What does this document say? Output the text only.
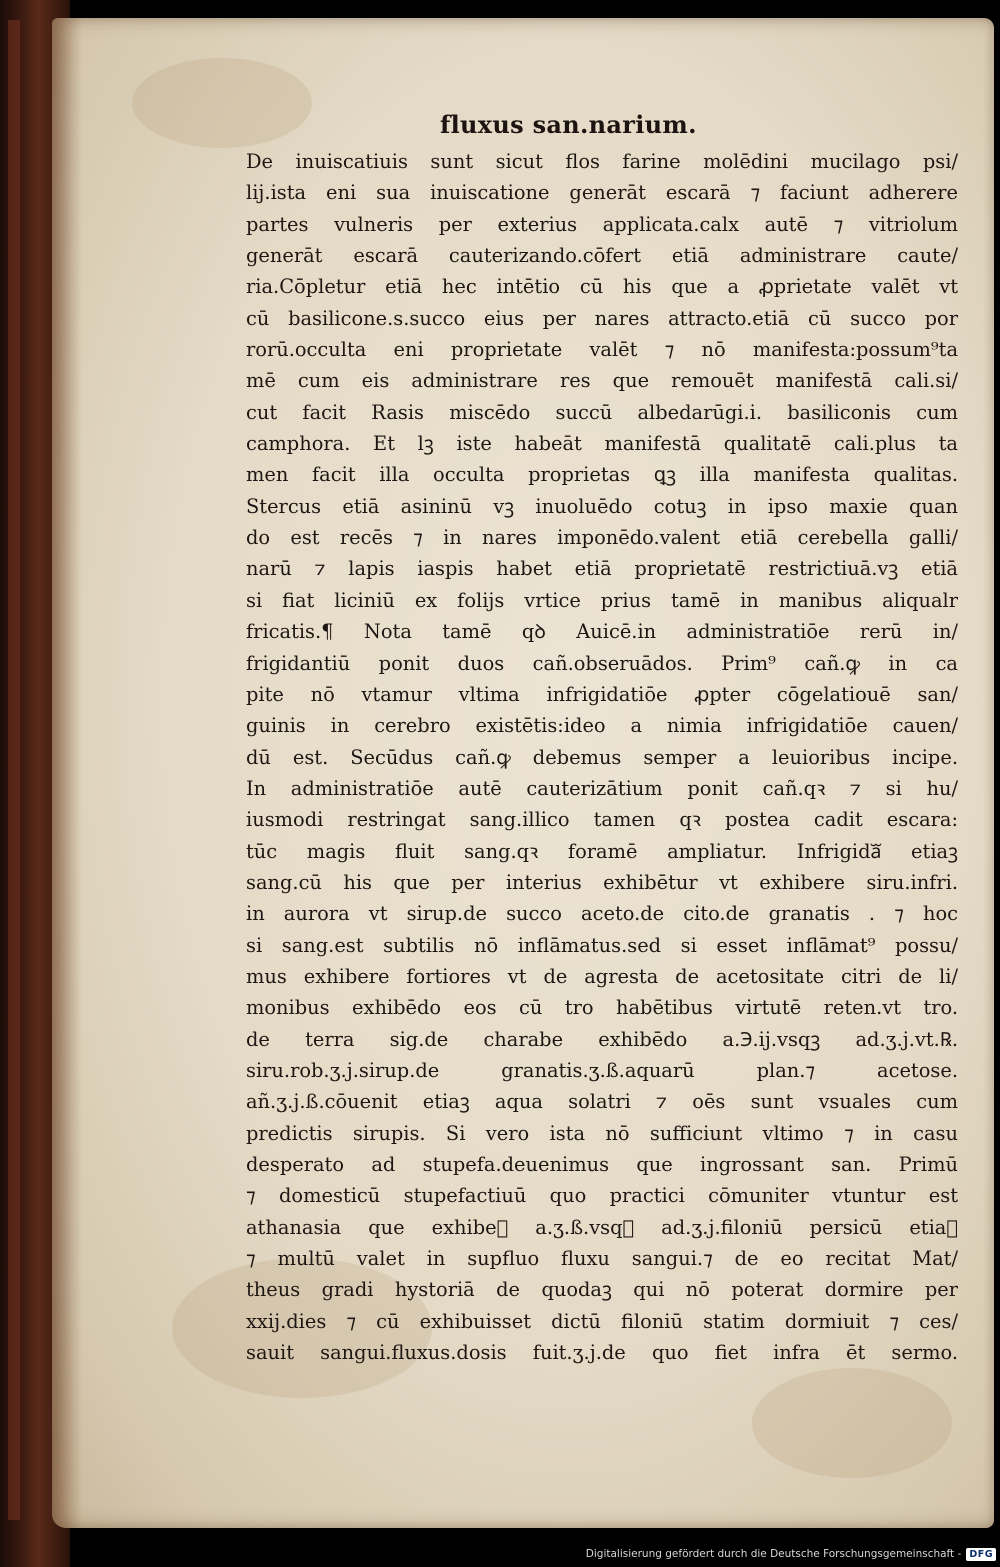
fluxus san.narium.
De inuiscatiuis sunt sicut flos farine molēdini mucilago psi/
lij.ista eni sua inuiscatione generāt escarā ⁊ faciunt adherere
partes vulneris per exterius applicata.calx autē ⁊ vitriolum
generāt escarā cauterizando.cōfert etiā administrare caute/
ria.Cōpletur etiā hec intētio cū his que a ꝓprietate valēt vt
cū basilicone.s.succo eius per nares attracto.etiā cū succo por
rorū.occulta eni proprietate valēt ⁊ nō manifesta:possum⁹ta
mē cum eis administrare res que remouēt manifestā cali.si/
cut facit Rasis miscēdo succū albedarūgi.i. basiliconis cum
camphora. Et lꝫ iste habeāt manifestā qualitatē cali.plus ta
men facit illa occulta proprietas ꝗꝫ illa manifesta qualitas.
Stercus etiā asininū vꝫ inuoluēdo cotuꝫ in ipso maxie quan
do est recēs ⁊ in nares imponēdo.valent etiā cerebella galli/
narū ⁊ lapis iaspis habet etiā proprietatē restrictiuā.vꝫ etiā
si fiat liciniū ex folijs vrtice prius tamē in manibus aliqualr
fricatis.¶ Nota tamē qꝺ Auicē.in administratiōe rerū in/
frigidantiū ponit duos cañ.obseruādos. Prim⁹ cañ.ꝙ in ca
pite nō vtamur vltima infrigidatiōe ꝓpter cōgelatiouē san/
guinis in cerebro existētis:ideo a nimia infrigidatiōe cauen/
dū est. Secūdus cañ.ꝙ debemus semper a leuioribus incipe.
In administratiōe autē cauterizātium ponit cañ.qꝛ ⁊ si hu/
iusmodi restringat sang.illico tamen qꝛ postea cadit escara:
tūc magis fluit sang.qꝛ foramē ampliatur. Infrigidaᷓ etiaꝫ
sang.cū his que per interius exhibētur vt exhibere siru.infri.
in aurora vt sirup.de succo aceto.de cito.de granatis . ⁊ hoc
si sang.est subtilis nō inflāmatus.sed si esset inflāmat⁹ possu/
mus exhibere fortiores vt de agresta de acetositate citri de li/
monibus exhibēdo eos cū tro habētibus virtutē reten.vt tro.
de terra sig.de charabe exhibēdo a.℈.ij.vsqꝫ ad.ʒ.j.vt.℞.
siru.rob.ʒ.j.sirup.de granatis.ʒ.ß.aquarū plan.⁊ acetose.
añ.ʒ.j.ß.cōuenit etiaꝫ aqua solatri ⁊ oēs sunt vsuales cum
predictis sirupis. Si vero ista nō sufficiunt vltimo ⁊ in casu
desperato ad stupefa.deuenimus que ingrossant san. Primū
⁊ domesticū stupefactiuū quo practici cōmuniter vtuntur est
athanasia que exhibeᷓ a.ʒ.ß.vsqꝫ ad.ʒ.j.filoniū persicū etiaꝫ
⁊ multū valet in supfluo fluxu sangui.⁊ de eo recitat Mat/
theus gradi hystoriā de quodaꝫ qui nō poterat dormire per
xxij.dies ⁊ cū exhibuisset dictū filoniū statim dormiuit ⁊ ces/
sauit sangui.fluxus.dosis fuit.ʒ.j.de quo fiet infra ēt sermo.
Digitalisierung gefördert durch die Deutsche Forschungsgemeinschaft - DFG
